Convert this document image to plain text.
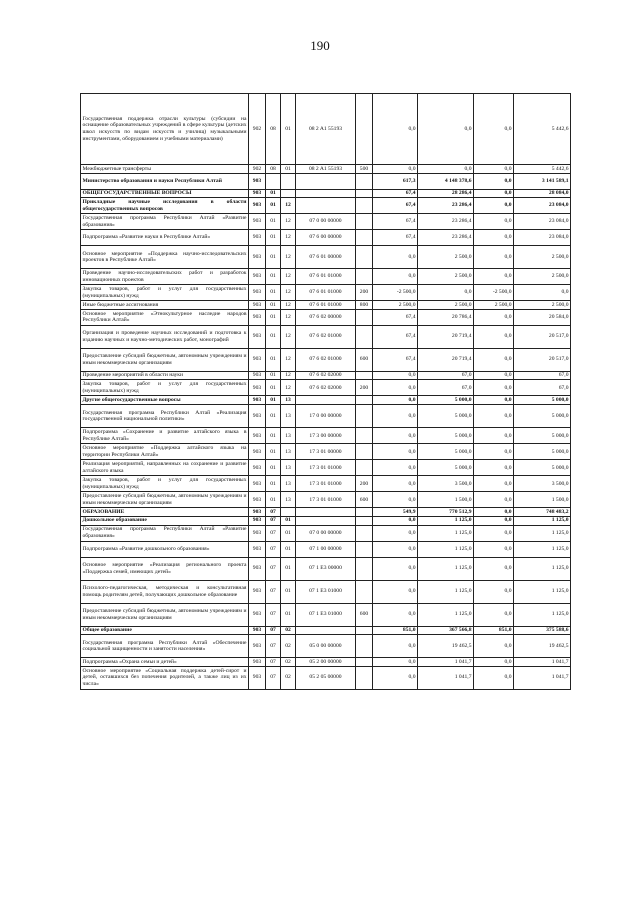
190
Государственная поддержка отрасли культуры (субсидии на оснащение образовательных учреждений в сфере культуры (детских школ искусств по видам искусств и училищ) музыкальными инструментами, оборудованием и учебными материалами)	902	08	01	08 2 A1 55193		0,0	0,0	0,0	5 442,6
Межбюджетные трансферты	902	08	01	08 2 A1 55193	500	0,0	0,0	0,0	5 442,6
Министерство образования и науки Республики Алтай	903					617,3	4 148 378,6	0,0	3 141 589,1
ОБЩЕГОСУДАРСТВЕННЫЕ ВОПРОСЫ	903	01				67,4	28 286,4	0,0	28 084,0
Прикладные научные исследования в области общегосударственных вопросов	903	01	12			67,4	23 286,4	0,0	23 084,0
Государственная программа Республики Алтай «Развитие образования»	903	01	12	07 0 00 00000		67,4	23 286,4	0,0	23 084,0
Подпрограмма «Развитие науки в Республике Алтай»	903	01	12	07 6 00 00000		67,4	23 286,4	0,0	23 084,0
Основное мероприятие «Поддержка научно-исследовательских проектов в Республике Алтай»	903	01	12	07 6 01 00000		0,0	2 500,0	0,0	2 500,0
Проведение научно-исследовательских работ и разработок инновационных проектов	903	01	12	07 6 01 01000		0,0	2 500,0	0,0	2 500,0
Закупка товаров, работ и услуг для государственных (муниципальных) нужд	903	01	12	07 6 01 01000	200	-2 500,0	0,0	-2 500,0	0,0
Иные бюджетные ассигнования	903	01	12	07 6 01 01000	800	2 500,0	2 500,0	2 500,0	2 500,0
Основное мероприятие «Этнокультурное наследие народов Республики Алтай»	903	01	12	07 6 02 00000		67,4	20 786,4	0,0	20 584,0
Организация и проведение научных исследований и подготовка к изданию научных и научно-методических работ, монографий	903	01	12	07 6 02 01000		67,4	20 719,4	0,0	20 517,0
Предоставление субсидий бюджетным, автономным учреждениям и иным некоммерческим организациям	903	01	12	07 6 02 01000	600	67,4	20 719,4	0,0	20 517,0
Проведение мероприятий в области науки	903	01	12	07 6 02 02000		0,0	67,0	0,0	67,0
Закупка товаров, работ и услуг для государственных (муниципальных) нужд	903	01	12	07 6 02 02000	200	0,0	67,0	0,0	67,0
Другие общегосударственные вопросы	903	01	13			0,0	5 000,0	0,0	5 000,0
Государственная программа Республики Алтай «Реализация государственной национальной политики»	903	01	13	17 0 00 00000		0,0	5 000,0	0,0	5 000,0
Подпрограмма «Сохранение и развитие алтайского языка в Республике Алтай»	903	01	13	17 3 00 00000		0,0	5 000,0	0,0	5 000,0
Основное мероприятие «Поддержка алтайского языка на территории Республики Алтай»	903	01	13	17 3 01 00000		0,0	5 000,0	0,0	5 000,0
Реализация мероприятий, направленных на сохранение и развитие алтайского языка	903	01	13	17 3 01 01000		0,0	5 000,0	0,0	5 000,0
Закупка товаров, работ и услуг для государственных (муниципальных) нужд	903	01	13	17 3 01 01000	200	0,0	3 500,0	0,0	3 500,0
Предоставление субсидий бюджетным, автономным учреждениям и иным некоммерческим организациям	903	01	13	17 3 01 01000	600	0,0	1 500,0	0,0	1 500,0
ОБРАЗОВАНИЕ	903	07				549,9	770 512,9	0,0	748 483,2
Дошкольное образование	903	07	01			0,0	1 125,0	0,0	1 125,0
Государственная программа Республики Алтай «Развитие образования»	903	07	01	07 0 00 00000		0,0	1 125,0	0,0	1 125,0
Подпрограмма «Развитие дошкольного образования»	903	07	01	07 1 00 00000		0,0	1 125,0	0,0	1 125,0
Основное мероприятие «Реализация регионального проекта «Поддержка семей, имеющих детей»	903	07	01	07 1 E3 00000		0,0	1 125,0	0,0	1 125,0
Психолого-педагогическая, методическая и консультативная помощь родителям детей, получающих дошкольное образование	903	07	01	07 1 E3 01000		0,0	1 125,0	0,0	1 125,0
Предоставление субсидий бюджетным, автономным учреждениям и иным некоммерческим организациям	903	07	01	07 1 E3 01000	600	0,0	1 125,0	0,0	1 125,0
Общее образование	903	07	02			851,0	367 566,8	851,0	375 588,6
Государственная программа Республики Алтай «Обеспечение социальной защищенности и занятости населения»	903	07	02	05 0 00 00000		0,0	19 462,5	0,0	19 462,5
Подпрограмма «Охрана семьи и детей»	903	07	02	05 2 00 00000		0,0	1 041,7	0,0	1 041,7
Основное мероприятие «Социальная поддержка детей-сирот и детей, оставшихся без попечения родителей, а также лиц из их числа»	903	07	02	05 2 05 00000		0,0	1 041,7	0,0	1 041,7
